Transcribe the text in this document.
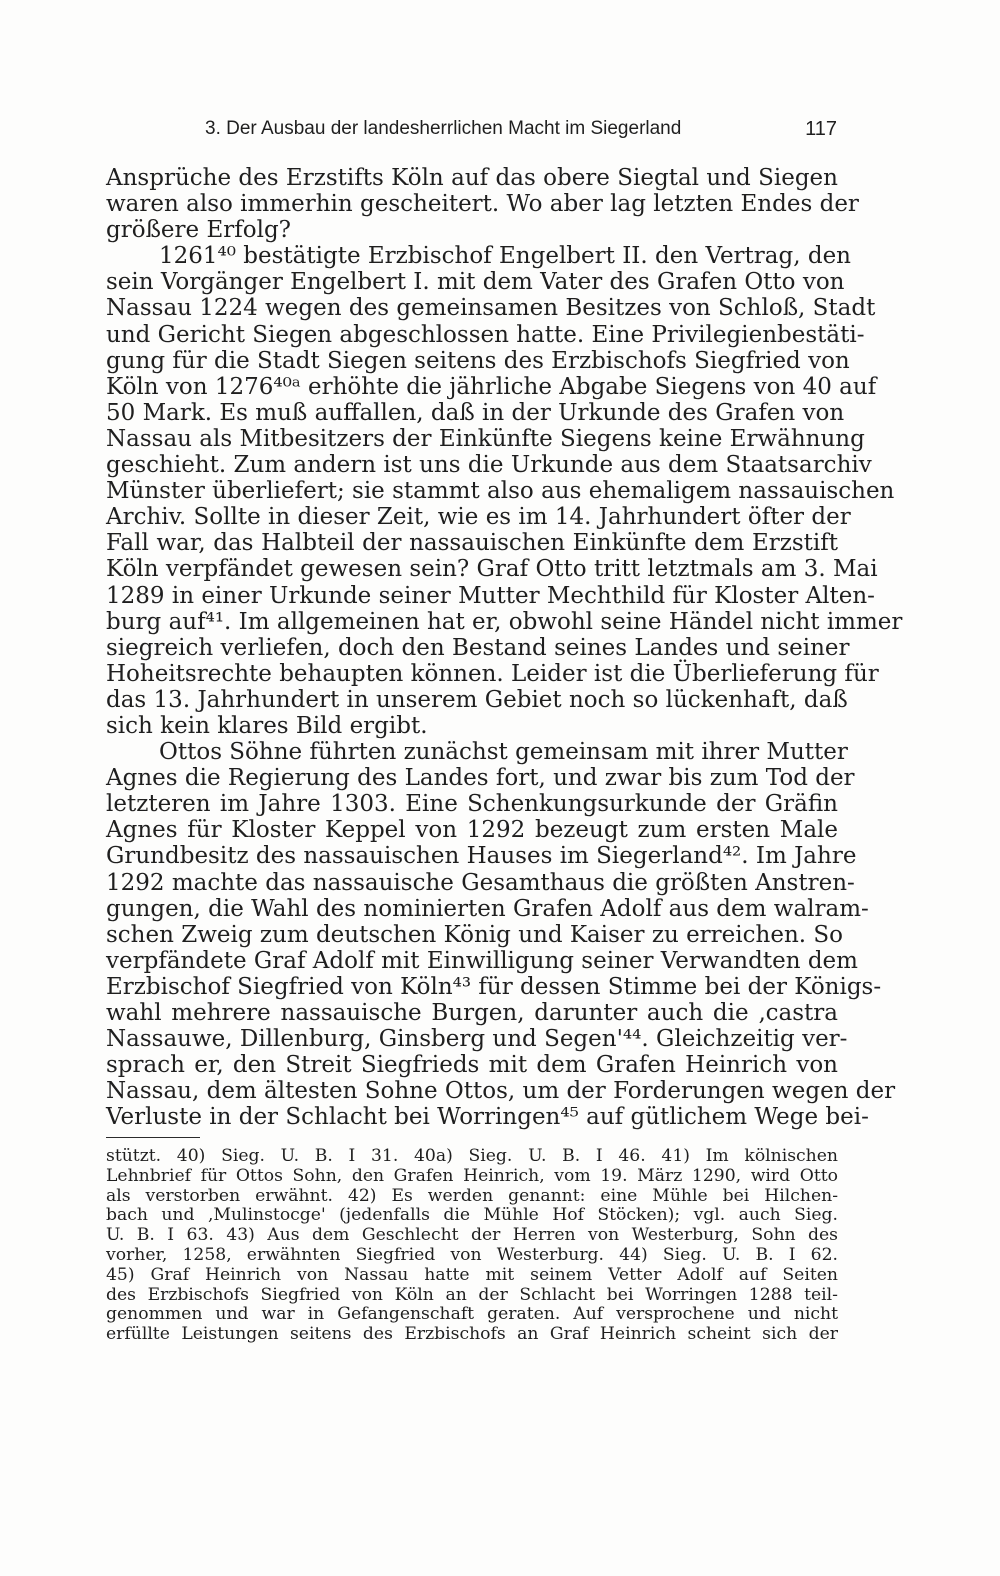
3. Der Ausbau der landesherrlichen Macht im Siegerland	117
Ansprüche des Erzstifts Köln auf das obere Siegtal und Siegen
waren also immerhin gescheitert. Wo aber lag letzten Endes der
größere Erfolg?
1261⁴⁰ bestätigte Erzbischof Engelbert II. den Vertrag, den
sein Vorgänger Engelbert I. mit dem Vater des Grafen Otto von
Nassau 1224 wegen des gemeinsamen Besitzes von Schloß, Stadt
und Gericht Siegen abgeschlossen hatte. Eine Privilegienbestäti-
gung für die Stadt Siegen seitens des Erzbischofs Siegfried von
Köln von 1276⁴⁰ᵃ erhöhte die jährliche Abgabe Siegens von 40 auf
50 Mark. Es muß auffallen, daß in der Urkunde des Grafen von
Nassau als Mitbesitzers der Einkünfte Siegens keine Erwähnung
geschieht. Zum andern ist uns die Urkunde aus dem Staatsarchiv
Münster überliefert; sie stammt also aus ehemaligem nassauischen
Archiv. Sollte in dieser Zeit, wie es im 14. Jahrhundert öfter der
Fall war, das Halbteil der nassauischen Einkünfte dem Erzstift
Köln verpfändet gewesen sein? Graf Otto tritt letztmals am 3. Mai
1289 in einer Urkunde seiner Mutter Mechthild für Kloster Alten-
burg auf⁴¹. Im allgemeinen hat er, obwohl seine Händel nicht immer
siegreich verliefen, doch den Bestand seines Landes und seiner
Hoheitsrechte behaupten können. Leider ist die Überlieferung für
das 13. Jahrhundert in unserem Gebiet noch so lückenhaft, daß
sich kein klares Bild ergibt.
Ottos Söhne führten zunächst gemeinsam mit ihrer Mutter
Agnes die Regierung des Landes fort, und zwar bis zum Tod der
letzteren im Jahre 1303. Eine Schenkungsurkunde der Gräfin
Agnes für Kloster Keppel von 1292 bezeugt zum ersten Male
Grundbesitz des nassauischen Hauses im Siegerland⁴². Im Jahre
1292 machte das nassauische Gesamthaus die größten Anstren-
gungen, die Wahl des nominierten Grafen Adolf aus dem walram-
schen Zweig zum deutschen König und Kaiser zu erreichen. So
verpfändete Graf Adolf mit Einwilligung seiner Verwandten dem
Erzbischof Siegfried von Köln⁴³ für dessen Stimme bei der Königs-
wahl mehrere nassauische Burgen, darunter auch die ‚castra
Nassauwe, Dillenburg, Ginsberg und Segen'⁴⁴. Gleichzeitig ver-
sprach er, den Streit Siegfrieds mit dem Grafen Heinrich von
Nassau, dem ältesten Sohne Ottos, um der Forderungen wegen der
Verluste in der Schlacht bei Worringen⁴⁵ auf gütlichem Wege bei-
stützt. 40) Sieg. U. B. I 31. 40a) Sieg. U. B. I 46. 41) Im kölnischen
Lehnbrief für Ottos Sohn, den Grafen Heinrich, vom 19. März 1290, wird Otto
als verstorben erwähnt. 42) Es werden genannt: eine Mühle bei Hilchen-
bach und ‚Mulinstocge' (jedenfalls die Mühle Hof Stöcken); vgl. auch Sieg.
U. B. I 63. 43) Aus dem Geschlecht der Herren von Westerburg, Sohn des
vorher, 1258, erwähnten Siegfried von Westerburg. 44) Sieg. U. B. I 62.
45) Graf Heinrich von Nassau hatte mit seinem Vetter Adolf auf Seiten
des Erzbischofs Siegfried von Köln an der Schlacht bei Worringen 1288 teil-
genommen und war in Gefangenschaft geraten. Auf versprochene und nicht
erfüllte Leistungen seitens des Erzbischofs an Graf Heinrich scheint sich der
